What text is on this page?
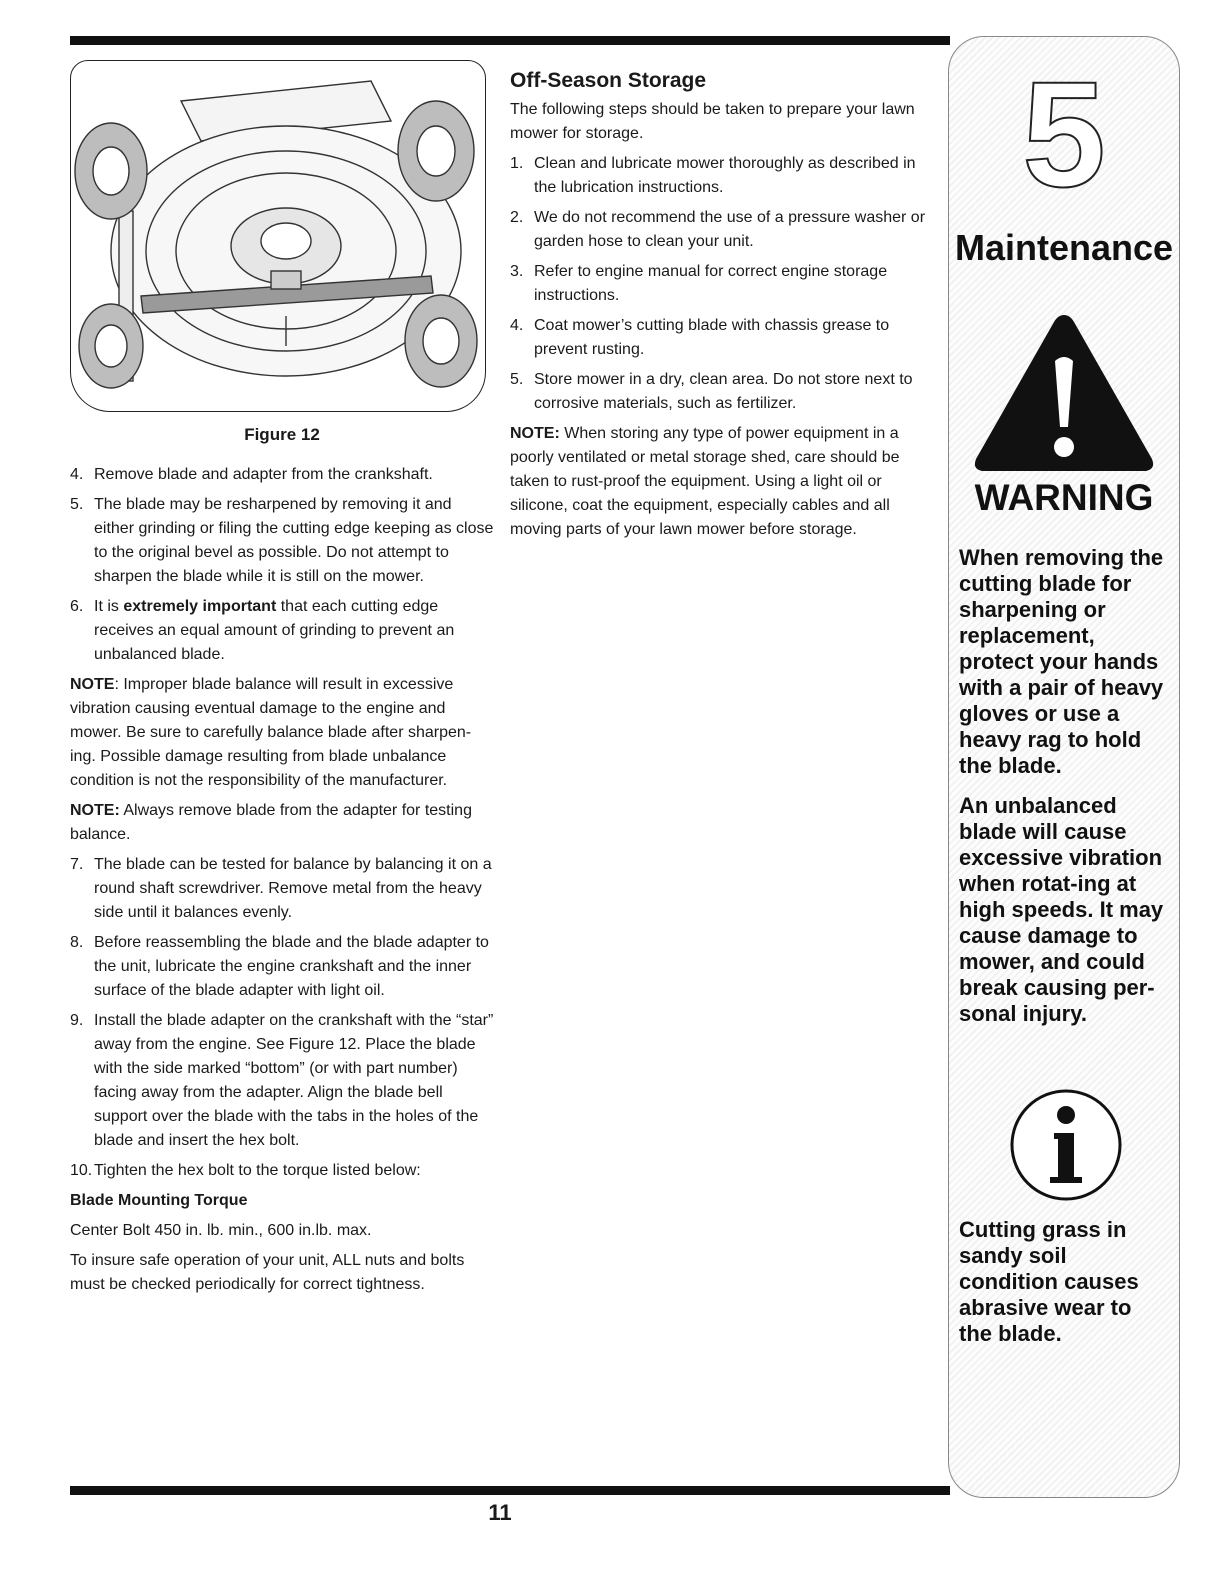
Figure 12
4. Remove blade and adapter from the crankshaft.
5. The blade may be resharpened by removing it and either grinding or filing the cutting edge keeping as close to the original bevel as possible. Do not attempt to sharpen the blade while it is still on the mower.
6. It is extremely important that each cutting edge receives an equal amount of grinding to prevent an unbalanced blade.

NOTE: Improper blade balance will result in excessive vibration causing eventual damage to the engine and mower. Be sure to carefully balance blade after sharpen-ing. Possible damage resulting from blade unbalance condition is not the responsibility of the manufacturer.

NOTE: Always remove blade from the adapter for testing balance.

7. The blade can be tested for balance by balancing it on a round shaft screwdriver. Remove metal from the heavy side until it balances evenly.
8. Before reassembling the blade and the blade adapter to the unit, lubricate the engine crankshaft and the inner surface of the blade adapter with light oil.
9. Install the blade adapter on the crankshaft with the “star” away from the engine. See Figure 12. Place the blade with the side marked “bottom” (or with part number) facing away from the adapter. Align the blade bell support over the blade with the tabs in the holes of the blade and insert the hex bolt.
10. Tighten the hex bolt to the torque listed below:

Blade Mounting Torque

Center Bolt 450 in. lb. min., 600 in.lb. max.

To insure safe operation of your unit, ALL nuts and bolts must be checked periodically for correct tightness.

Off-Season Storage

The following steps should be taken to prepare your lawn mower for storage.

1. Clean and lubricate mower thoroughly as described in the lubrication instructions.
2. We do not recommend the use of a pressure washer or garden hose to clean your unit.
3. Refer to engine manual for correct engine storage instructions.
4. Coat mower’s cutting blade with chassis grease to prevent rusting.
5. Store mower in a dry, clean area. Do not store next to corrosive materials, such as fertilizer.

NOTE: When storing any type of power equipment in a poorly ventilated or metal storage shed, care should be taken to rust-proof the equipment. Using a light oil or silicone, coat the equipment, especially cables and all moving parts of your lawn mower before storage.

5
Maintenance
WARNING
When removing the cutting blade for sharpening or replacement, protect your hands with a pair of heavy gloves or use a heavy rag to hold the blade.
An unbalanced blade will cause excessive vibration when rotat-ing at high speeds. It may cause damage to mower, and could break causing per-sonal injury.
Cutting grass in sandy soil condition causes abrasive wear to the blade.
11
